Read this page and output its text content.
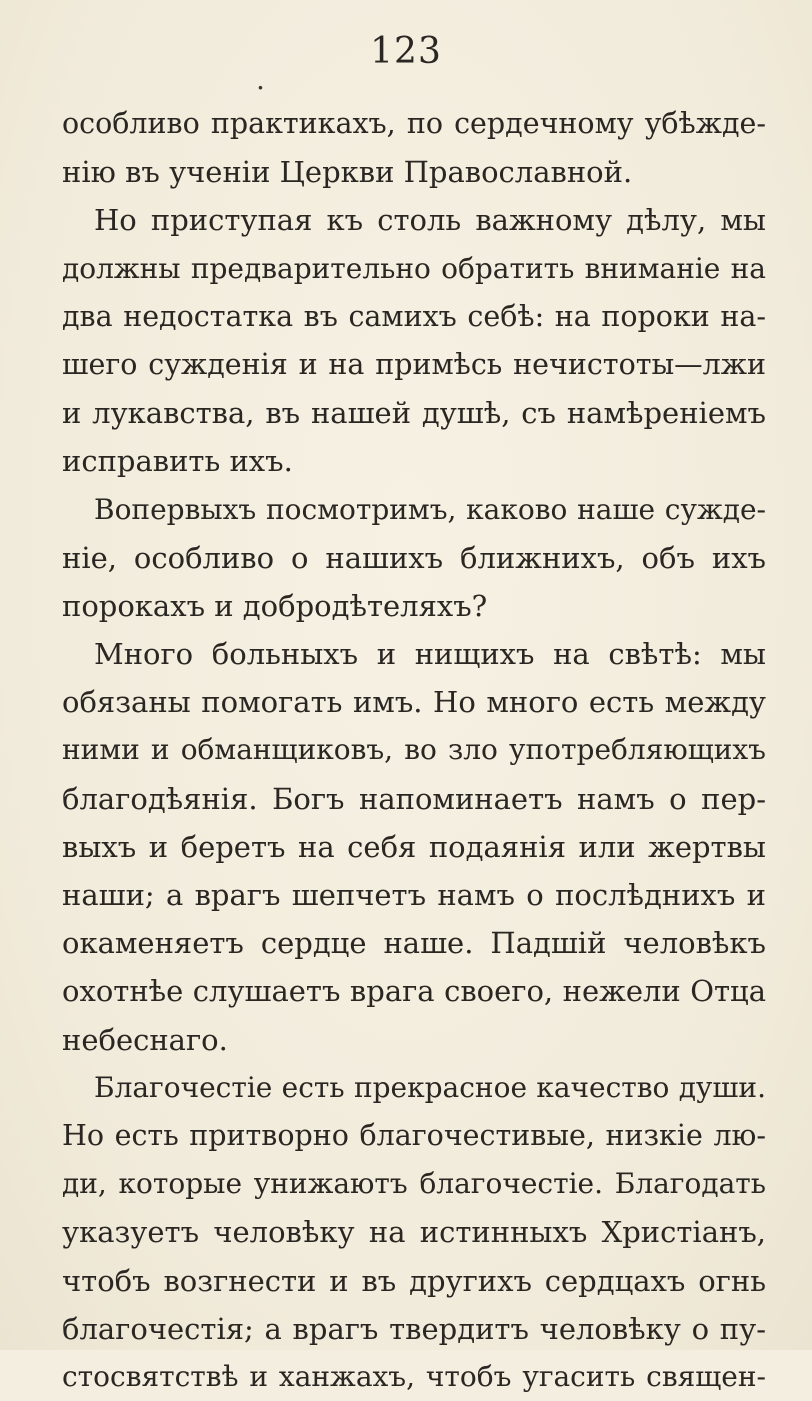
.
123
особливо практикахъ, по сердечному убѣжде-
нію въ ученіи Церкви Православной.
Но приступая къ столь важному дѣлу, мы
должны предварительно обратить вниманіе на
два недостатка въ самихъ себѣ: на пороки на-
шего сужденія и на примѣсь нечистоты—лжи
и лукавства, въ нашей душѣ, съ намѣреніемъ
исправить ихъ.
Вопервыхъ посмотримъ, каково наше сужде-
ніе, особливо о нашихъ ближнихъ, объ ихъ
порокахъ и добродѣтеляхъ?
Много больныхъ и нищихъ на свѣтѣ: мы
обязаны помогать имъ. Но много есть между
ними и обманщиковъ, во зло употребляющихъ
благодѣянія. Богъ напоминаетъ намъ о пер-
выхъ и беретъ на себя подаянія или жертвы
наши; а врагъ шепчетъ намъ о послѣднихъ и
окаменяетъ сердце наше. Падшій человѣкъ
охотнѣе слушаетъ врага своего, нежели Отца
небеснаго.
Благочестіе есть прекрасное качество души.
Но есть притворно благочестивые, низкіе лю-
ди, которые унижаютъ благочестіе. Благодать
указуетъ человѣку на истинныхъ Христіанъ,
чтобъ возгнести и въ другихъ сердцахъ огнь
благочестія; а врагъ твердитъ человѣку о пу-
стосвятствѣ и ханжахъ, чтобъ угасить священ-
